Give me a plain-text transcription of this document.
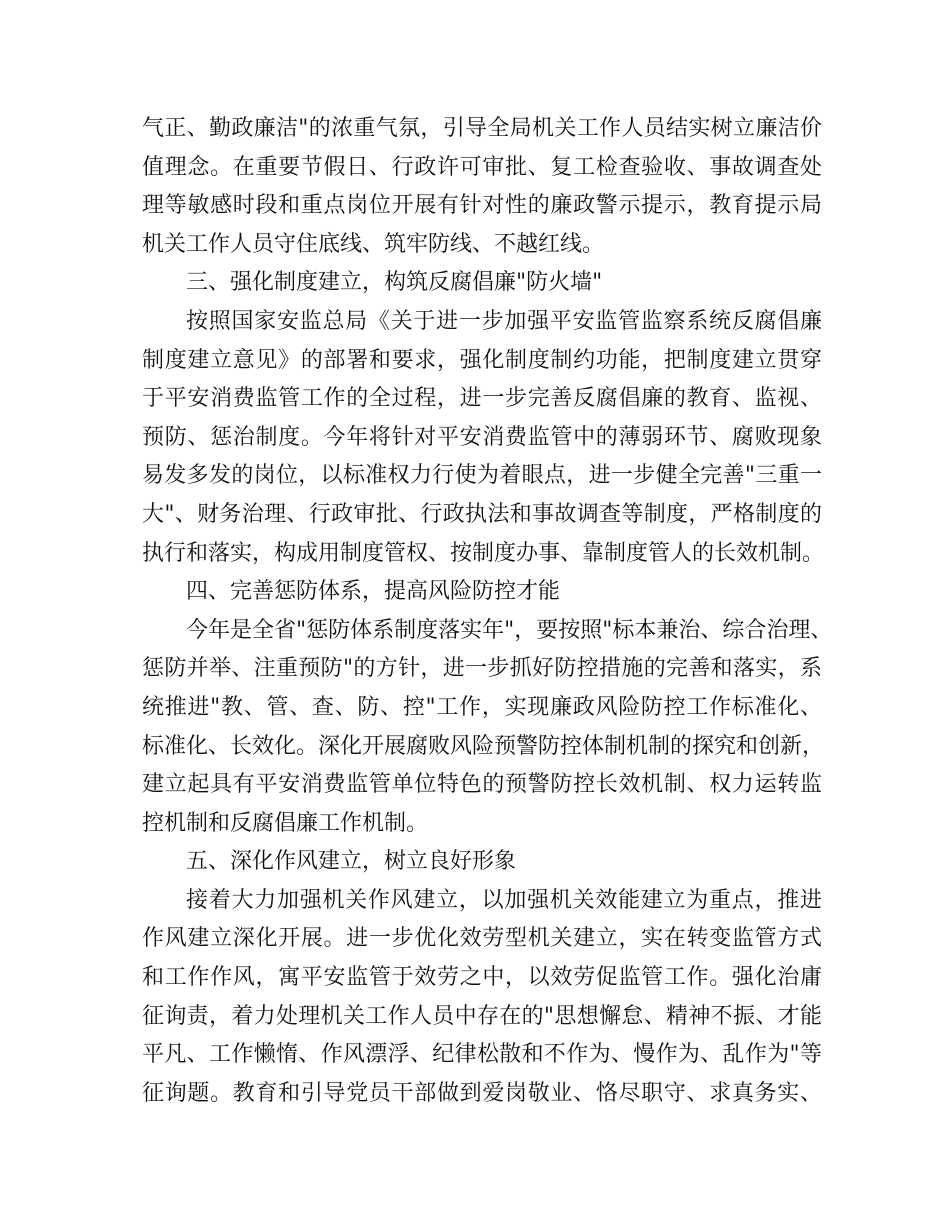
气正、勤政廉洁"的浓重气氛，引导全局机关工作人员结实树立廉洁价
值理念。在重要节假日、行政许可审批、复工检查验收、事故调查处
理等敏感时段和重点岗位开展有针对性的廉政警示提示，教育提示局
机关工作人员守住底线、筑牢防线、不越红线。
三、强化制度建立，构筑反腐倡廉"防火墙"
按照国家安监总局《关于进一步加强平安监管监察系统反腐倡廉
制度建立意见》的部署和要求，强化制度制约功能，把制度建立贯穿
于平安消费监管工作的全过程，进一步完善反腐倡廉的教育、监视、
预防、惩治制度。今年将针对平安消费监管中的薄弱环节、腐败现象
易发多发的岗位，以标准权力行使为着眼点，进一步健全完善"三重一
大"、财务治理、行政审批、行政执法和事故调查等制度，严格制度的
执行和落实，构成用制度管权、按制度办事、靠制度管人的长效机制。
四、完善惩防体系，提高风险防控才能
今年是全省"惩防体系制度落实年"，要按照"标本兼治、综合治理、
惩防并举、注重预防"的方针，进一步抓好防控措施的完善和落实，系
统推进"教、管、查、防、控"工作，实现廉政风险防控工作标准化、
标准化、长效化。深化开展腐败风险预警防控体制机制的探究和创新，
建立起具有平安消费监管单位特色的预警防控长效机制、权力运转监
控机制和反腐倡廉工作机制。
五、深化作风建立，树立良好形象
接着大力加强机关作风建立，以加强机关效能建立为重点，推进
作风建立深化开展。进一步优化效劳型机关建立，实在转变监管方式
和工作作风，寓平安监管于效劳之中，以效劳促监管工作。强化治庸
征询责，着力处理机关工作人员中存在的"思想懈怠、精神不振、才能
平凡、工作懒惰、作风漂浮、纪律松散和不作为、慢作为、乱作为"等
征询题。教育和引导党员干部做到爱岗敬业、恪尽职守、求真务实、
